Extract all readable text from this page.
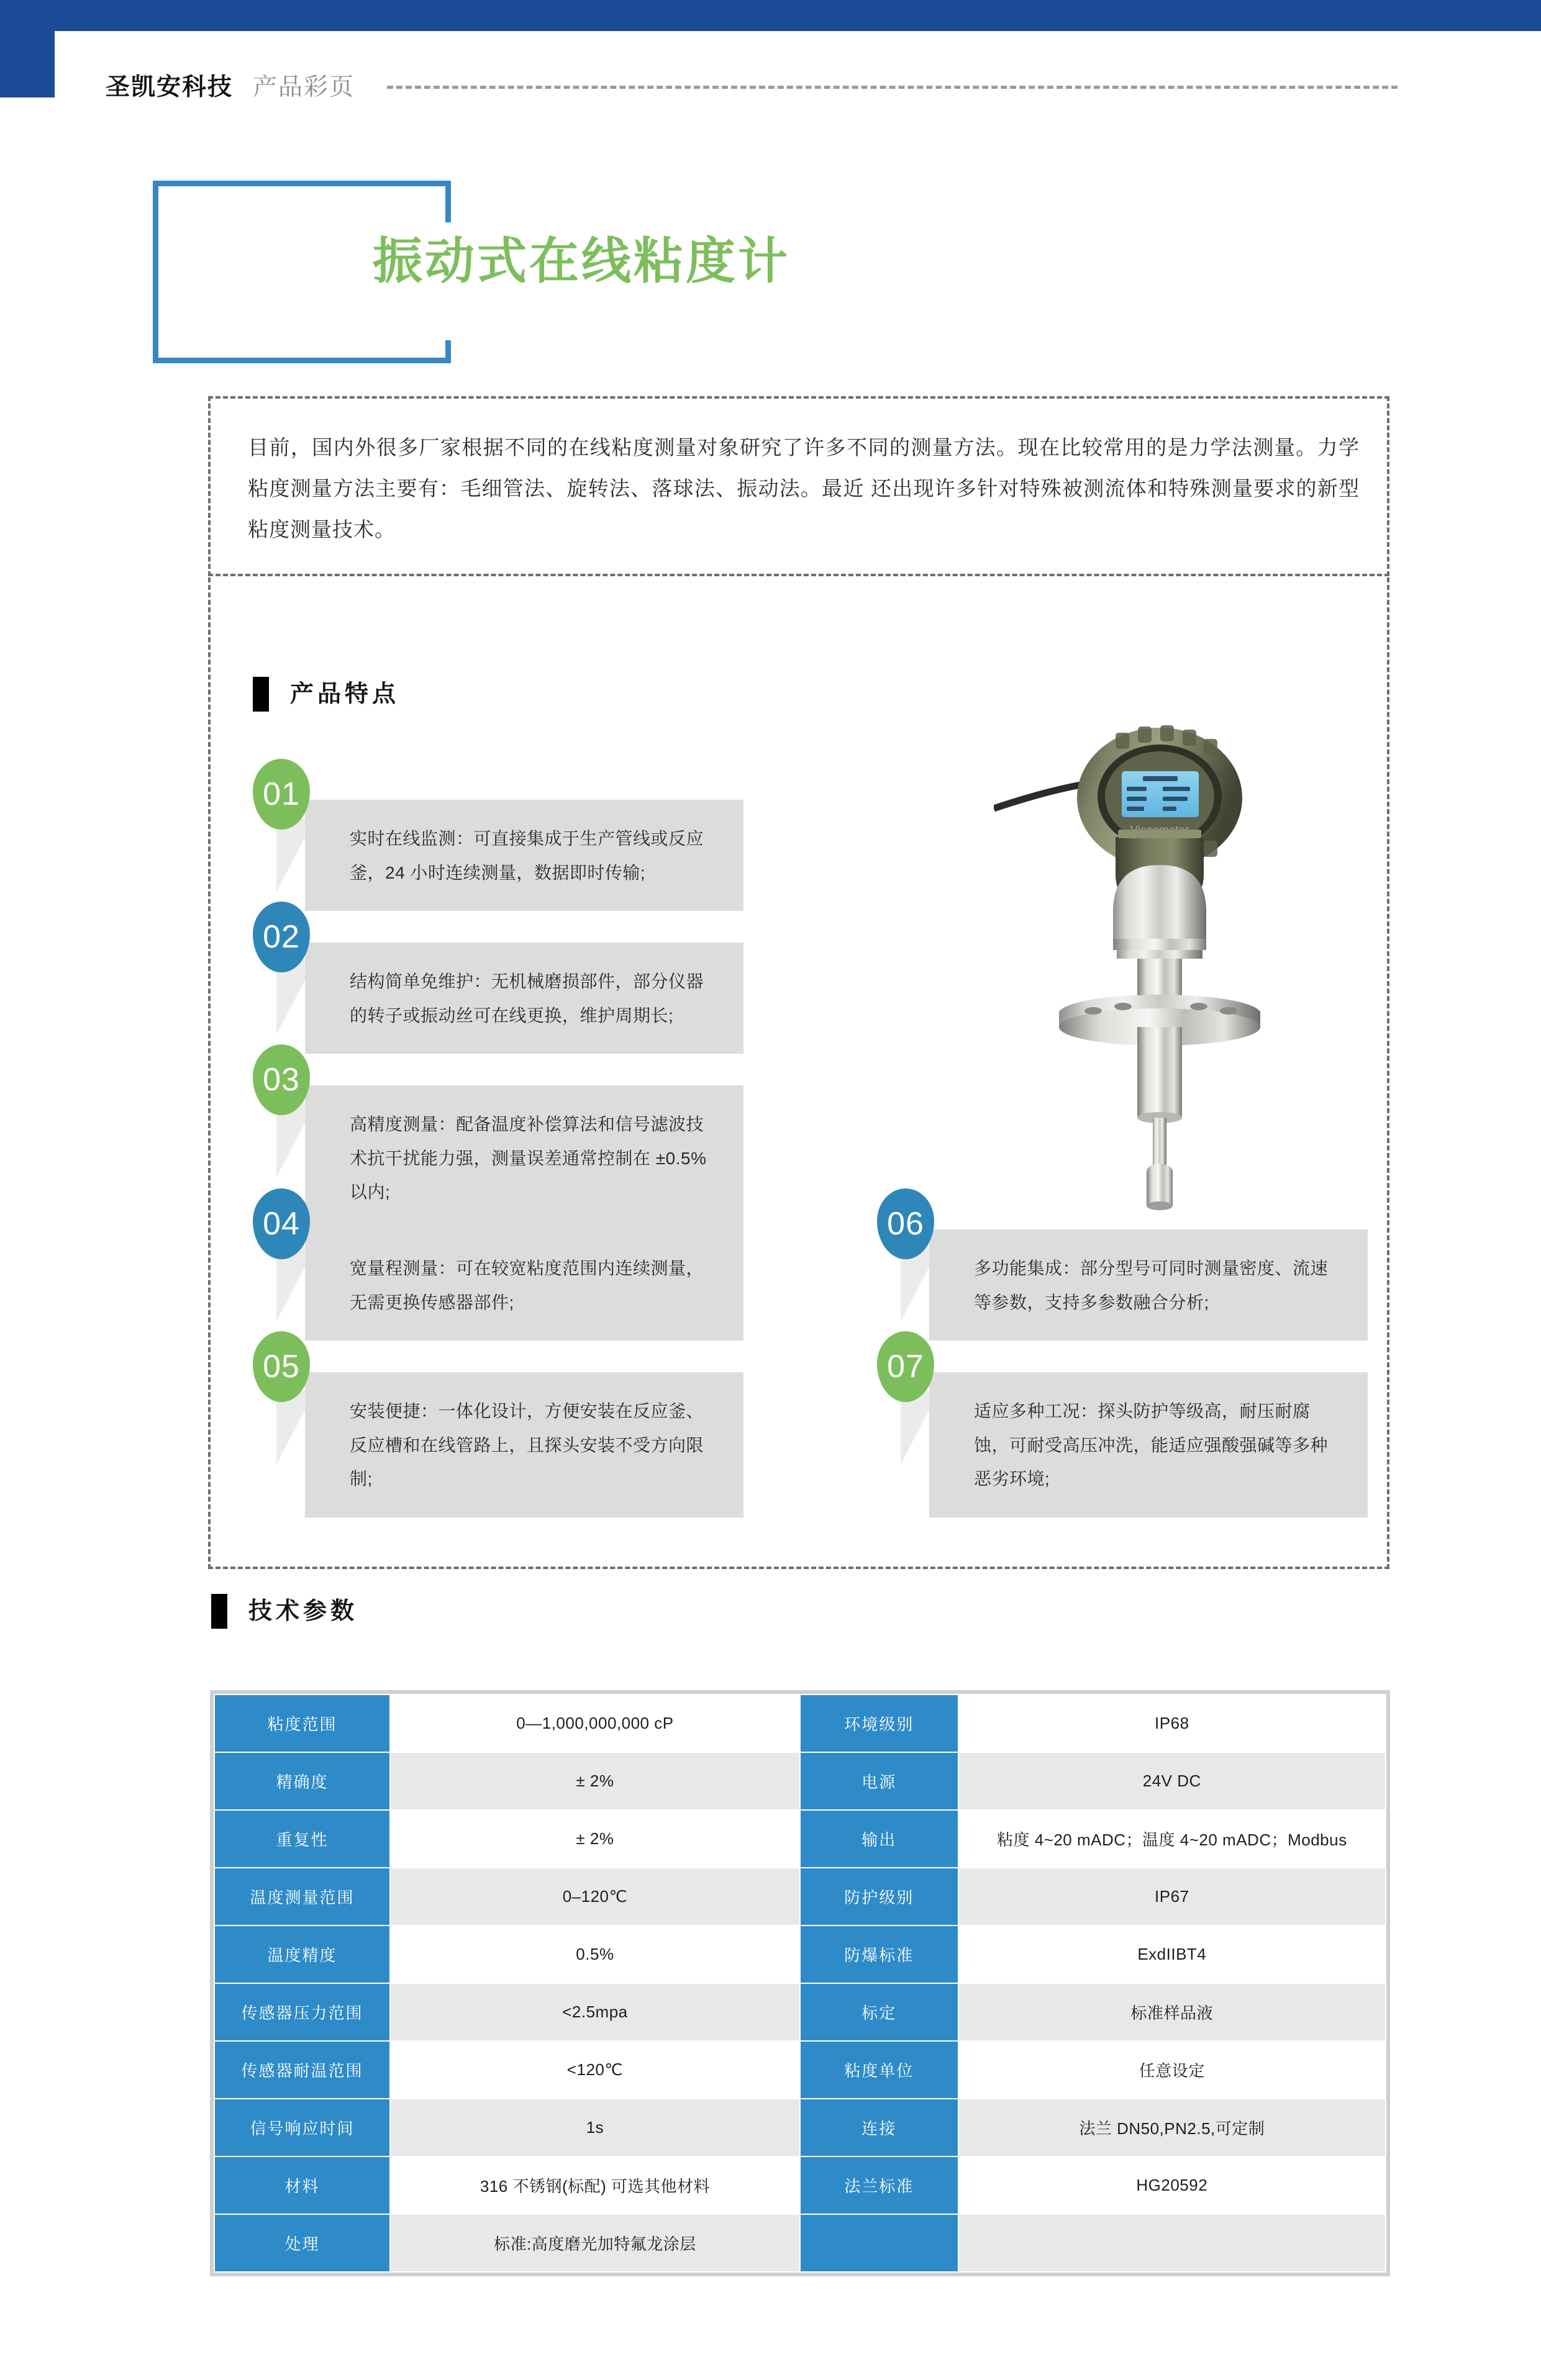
圣凯安科技 产品彩页
振动式在线粘度计
目前，国内外很多厂家根据不同的在线粘度测量对象研究了许多不同的测量方法。现在比较常用的是力学法测量。力学粘度测量方法主要有：毛细管法、旋转法、落球法、振动法。最近 还出现许多针对特殊被测流体和特殊测量要求的新型粘度测量技术。
产品特点
实时在线监测：可直接集成于生产管线或反应釜，24 小时连续测量，数据即时传输;
01
结构简单免维护：无机械磨损部件，部分仪器的转子或振动丝可在线更换，维护周期长;
02
高精度测量：配备温度补偿算法和信号滤波技术抗干扰能力强，测量误差通常控制在 ±0.5% 以内;
03
宽量程测量：可在较宽粘度范围内连续测量，无需更换传感器部件;
04
安装便捷：一体化设计，方便安装在反应釜、反应槽和在线管路上，且探头安装不受方向限制;
05
多功能集成：部分型号可同时测量密度、流速等参数，支持多参数融合分析;
06
适应多种工况：探头防护等级高，耐压耐腐蚀，可耐受高压冲洗，能适应强酸强碱等多种恶劣环境;
07
技术参数
粘度范围	0—1,000,000,000 cP	环境级别	IP68
精确度	± 2%	电源	24V DC
重复性	± 2%	输出	粘度 4~20 mADC；温度 4~20 mADC；Modbus
温度测量范围	0–120℃	防护级别	IP67
温度精度	0.5%	防爆标准	ExdIIBT4
传感器压力范围	<2.5mpa	标定	标准样品液
传感器耐温范围	<120℃	粘度单位	任意设定
信号响应时间	1s	连接	法兰 DN50,PN2.5,可定制
材料	316 不锈钢(标配) 可选其他材料	法兰标准	HG20592
处理	标准:高度磨光加特氟龙涂层		
